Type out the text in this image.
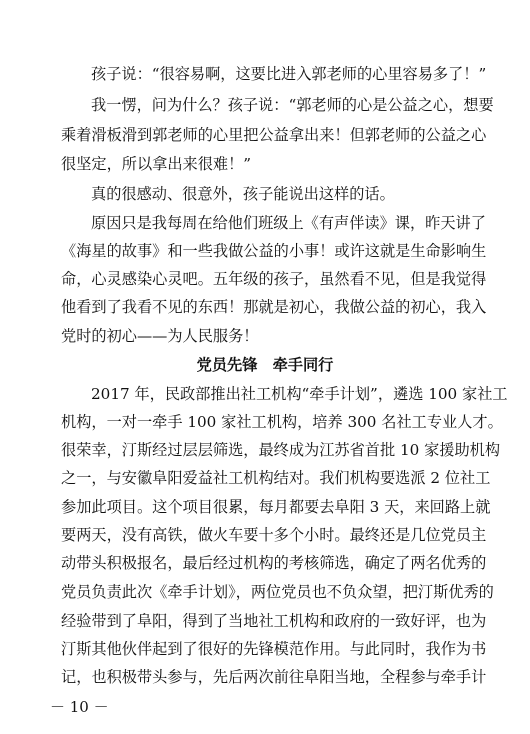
孩子说：“很容易啊，这要比进入郭老师的心里容易多了！”
我一愣，问为什么？孩子说：“郭老师的心是公益之心，想要
乘着滑板滑到郭老师的心里把公益拿出来！但郭老师的公益之心
很坚定，所以拿出来很难！”
真的很感动、很意外，孩子能说出这样的话。
原因只是我每周在给他们班级上《有声伴读》课，昨天讲了
《海星的故事》和一些我做公益的小事！或许这就是生命影响生
命，心灵感染心灵吧。五年级的孩子，虽然看不见，但是我觉得
他看到了我看不见的东西！那就是初心，我做公益的初心，我入
党时的初心——为人民服务！
党员先锋　牵手同行
2017 年，民政部推出社工机构“牵手计划”，遴选 100 家社工
机构，一对一牵手 100 家社工机构，培养 300 名社工专业人才。
很荣幸，汀斯经过层层筛选，最终成为江苏省首批 10 家援助机构
之一，与安徽阜阳爱益社工机构结对。我们机构要选派 2 位社工
参加此项目。这个项目很累，每月都要去阜阳 3 天，来回路上就
要两天，没有高铁，做火车要十多个小时。最终还是几位党员主
动带头积极报名，最后经过机构的考核筛选，确定了两名优秀的
党员负责此次《牵手计划》，两位党员也不负众望，把汀斯优秀的
经验带到了阜阳，得到了当地社工机构和政府的一致好评，也为
汀斯其他伙伴起到了很好的先锋模范作用。与此同时，我作为书
记，也积极带头参与，先后两次前往阜阳当地，全程参与牵手计
－ 10 －
